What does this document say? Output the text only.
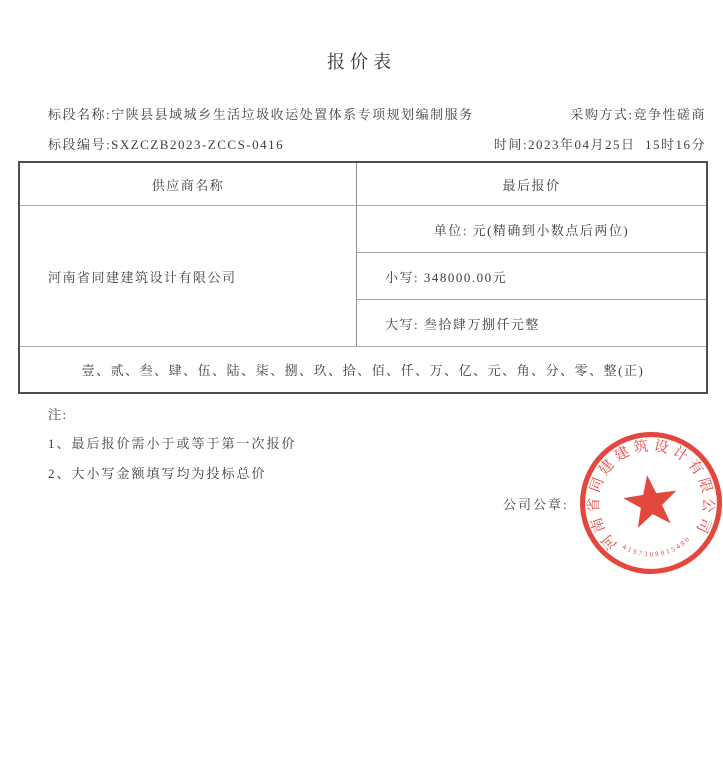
报价表
标段名称:宁陕县县域城乡生活垃圾收运处置体系专项规划编制服务	采购方式:竞争性磋商
标段编号:SXZCZB2023-ZCCS-0416	时间:2023年04月25日  15时16分
供应商名称	最后报价
河南省同建建筑设计有限公司
单位: 元(精确到小数点后两位)
小写: 348000.00元
大写: 叁拾肆万捌仟元整
壹、贰、叁、肆、伍、陆、柒、捌、玖、拾、佰、仟、万、亿、元、角、分、零、整(正)
注:
1、最后报价需小于或等于第一次报价
2、大小写金额填写均为投标总价
公司公章:
河南省同建建筑设计有限公司
4197308815480
